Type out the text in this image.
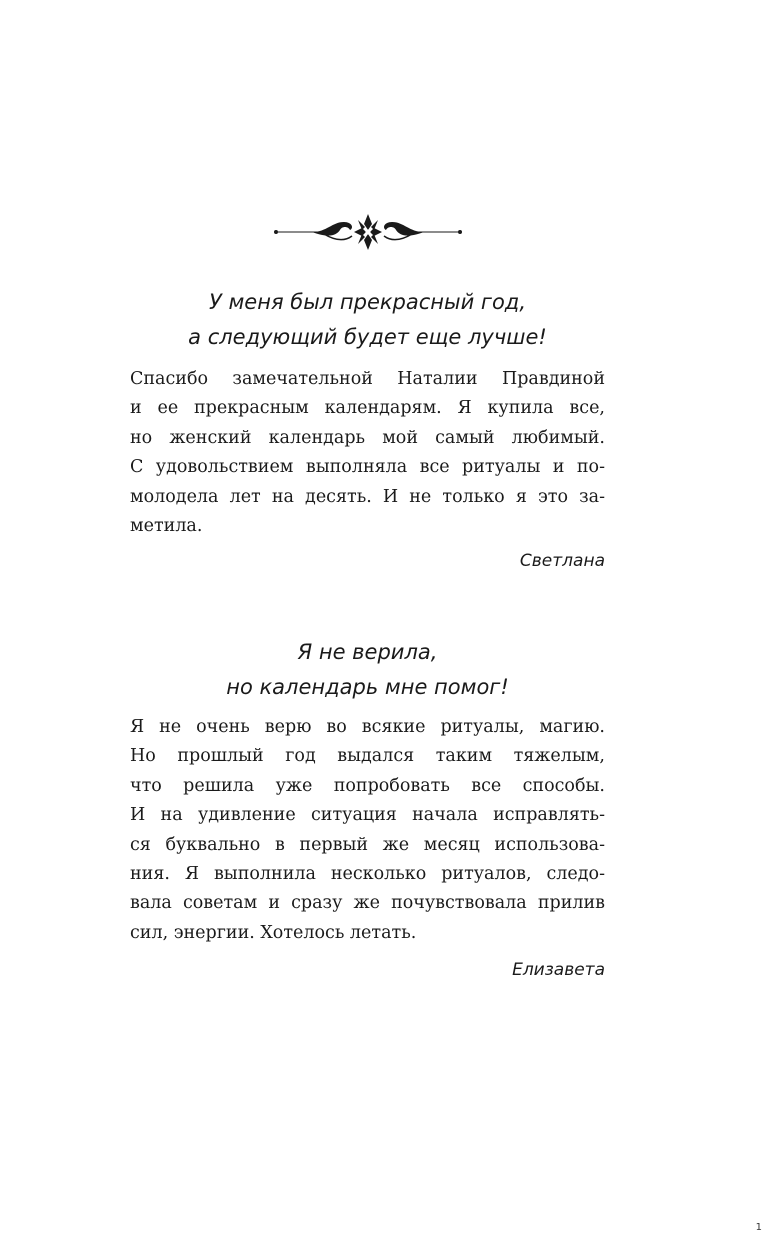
У меня был прекрасный год,
а следующий будет еще лучше!
Спасибо замечательной Наталии Правдиной
и ее прекрасным календарям. Я купила все,
но женский календарь мой самый любимый.
С удовольствием выполняла все ритуалы и по-
молодела лет на десять. И не только я это за-
метила.
Светлана
Я не верила,
но календарь мне помог!
Я не очень верю во всякие ритуалы, магию.
Но прошлый год выдался таким тяжелым,
что решила уже попробовать все способы.
И на удивление ситуация начала исправлять-
ся буквально в первый же месяц использова-
ния. Я выполнила несколько ритуалов, следо-
вала советам и сразу же почувствовала прилив
сил, энергии. Хотелось летать.
Елизавета
1
